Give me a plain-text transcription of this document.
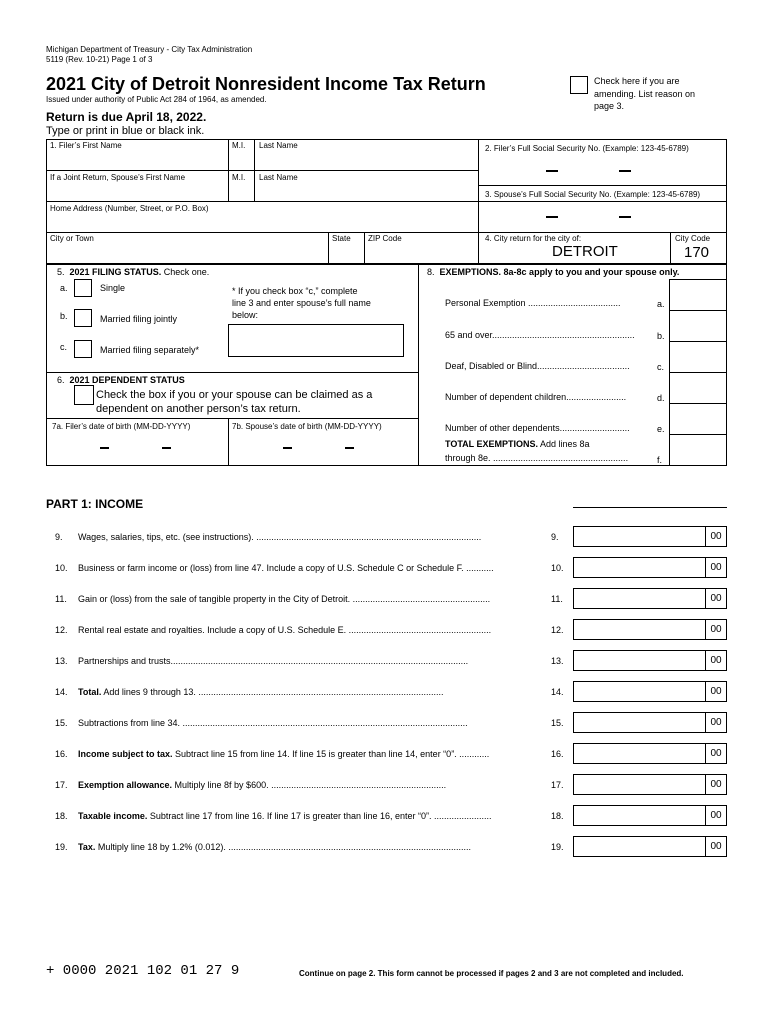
Michigan Department of Treasury - City Tax Administration
5119 (Rev. 10-21) Page 1 of 3
2021 City of Detroit Nonresident Income Tax Return
Issued under authority of Public Act 284 of 1964, as amended.
Check here if you are
amending. List reason on
page 3.
Return is due April 18, 2022.
Type or print in blue or black ink.
1. Filer’s First Name	M.I. Last Name	2. Filer’s Full Social Security No. (Example: 123-45-6789)
If a Joint Return, Spouse’s First Name	M.I. Last Name
3. Spouse’s Full Social Security No. (Example: 123-45-6789)
Home Address (Number, Street, or P.O. Box)
City or Town	State ZIP Code	4. City return for the city of:
DETROIT
City Code
170
5. 2021 FILING STATUS. Check one.
a.	Single
b.	Married filing jointly
c.	Married filing separately*
* If you check box “c,” complete
line 3 and enter spouse’s full name
below:
6. 2021 DEPENDENT STATUS
Check the box if you or your spouse can be claimed as a
dependent on another person’s tax return.
7a. Filer’s date of birth (MM-DD-YYYY)	7b. Spouse’s date of birth (MM-DD-YYYY)
8. EXEMPTIONS. 8a-8c apply to you and your spouse only.
Personal Exemption .....................................	a.
65 and over......................................................... b.
Deaf, Disabled or Blind.....................................	c.
Number of dependent children........................	d.
Number of other dependents............................	e.
TOTAL EXEMPTIONS. Add lines 8a
through 8e. ......................................................	f.
PART 1: INCOME
9. Wages, salaries, tips, etc. (see instructions). ..........................................................................................	9.	00
10. Business or farm income or (loss) from line 47. Include a copy of U.S. Schedule C or Schedule F. ...........	10.	00
11. Gain or (loss) from the sale of tangible property in the City of Detroit. .......................................................	11.	00
12. Rental real estate and royalties. Include a copy of U.S. Schedule E. .........................................................	12.	00
13. Partnerships and trusts.......................................................................................................................	13.	00
14. Total. Add lines 9 through 13. ..................................................................................................	14.	00
15. Subtractions from line 34. ..................................................................................................................	15.	00
16. Income subject to tax. Subtract line 15 from line 14. If line 15 is greater than line 14, enter “0”. ............	16.	00
17. Exemption allowance. Multiply line 8f by $600. ......................................................................	17.	00
18. Taxable income. Subtract line 17 from line 16. If line 17 is greater than line 16, enter “0”. .......................	18.	00
19. Tax. Multiply line 18 by 1.2% (0.012). .................................................................................................	19.	00
+ 0000 2021 102 01 27 9	Continue on page 2. This form cannot be processed if pages 2 and 3 are not completed and included.
